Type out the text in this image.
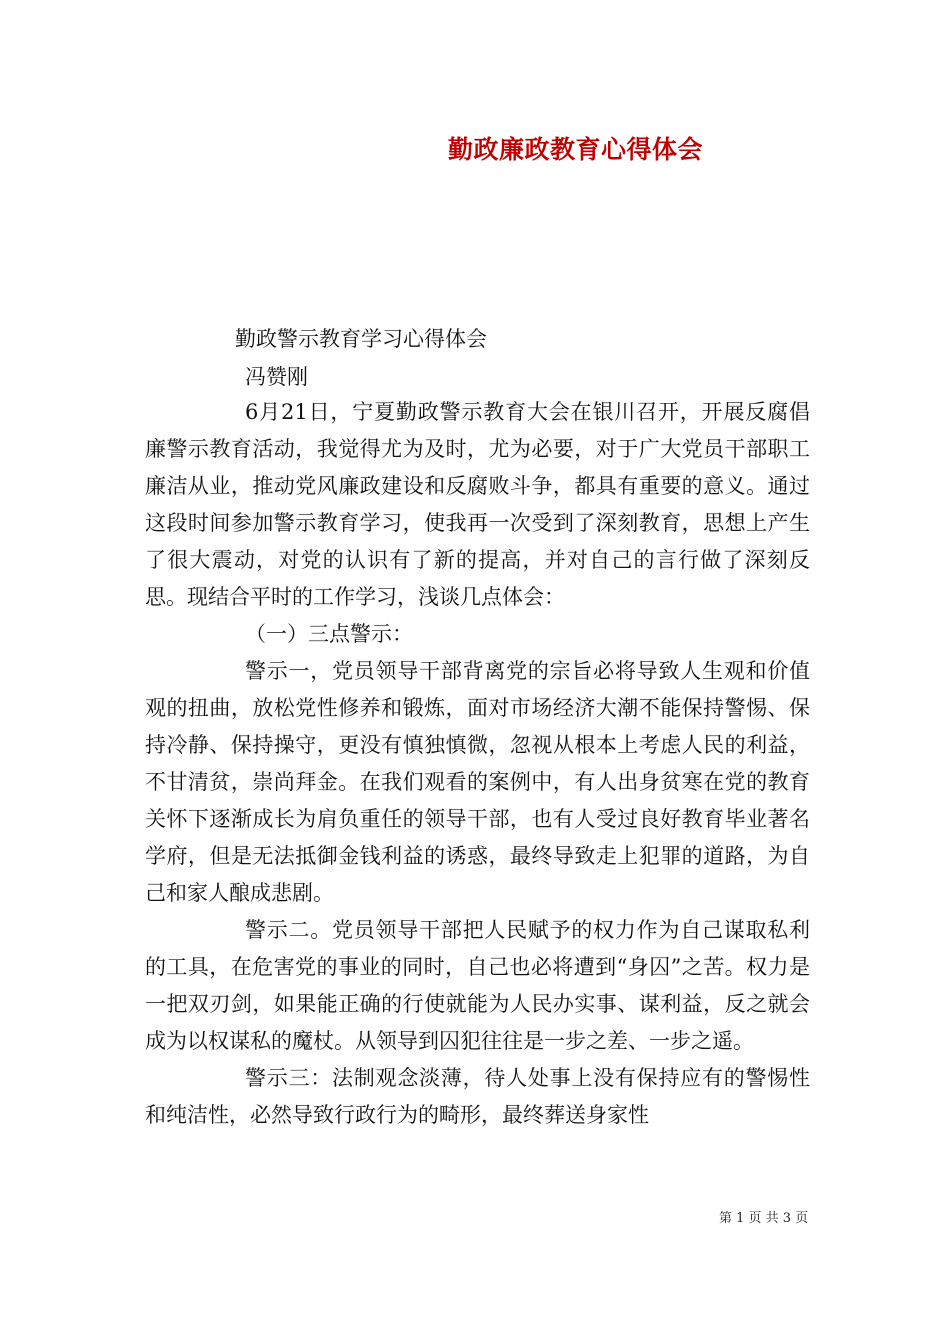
勤政廉政教育心得体会
勤政警示教育学习心得体会
冯赞刚

6月21日，宁夏勤政警示教育大会在银川召开，开展反腐倡廉警示教育活动，我觉得尤为及时，尤为必要，对于广大党员干部职工廉洁从业，推动党风廉政建设和反腐败斗争，都具有重要的意义。通过这段时间参加警示教育学习，使我再一次受到了深刻教育，思想上产生了很大震动，对党的认识有了新的提高，并对自己的言行做了深刻反思。现结合平时的工作学习，浅谈几点体会：

（一）三点警示：

警示一，党员领导干部背离党的宗旨必将导致人生观和价值观的扭曲，放松党性修养和锻炼，面对市场经济大潮不能保持警惕、保持冷静、保持操守，更没有慎独慎微，忽视从根本上考虑人民的利益，不甘清贫，崇尚拜金。在我们观看的案例中，有人出身贫寒在党的教育关怀下逐渐成长为肩负重任的领导干部，也有人受过良好教育毕业著名学府，但是无法抵御金钱利益的诱惑，最终导致走上犯罪的道路，为自己和家人酿成悲剧。

警示二。党员领导干部把人民赋予的权力作为自己谋取私利的工具，在危害党的事业的同时，自己也必将遭到“身囚”之苦。权力是一把双刃剑，如果能正确的行使就能为人民办实事、谋利益，反之就会成为以权谋私的魔杖。从领导到囚犯往往是一步之差、一步之遥。

警示三：法制观念淡薄，待人处事上没有保持应有的警惕性和纯洁性，必然导致行政行为的畸形，最终葬送身家性

第 1 页 共 3 页
